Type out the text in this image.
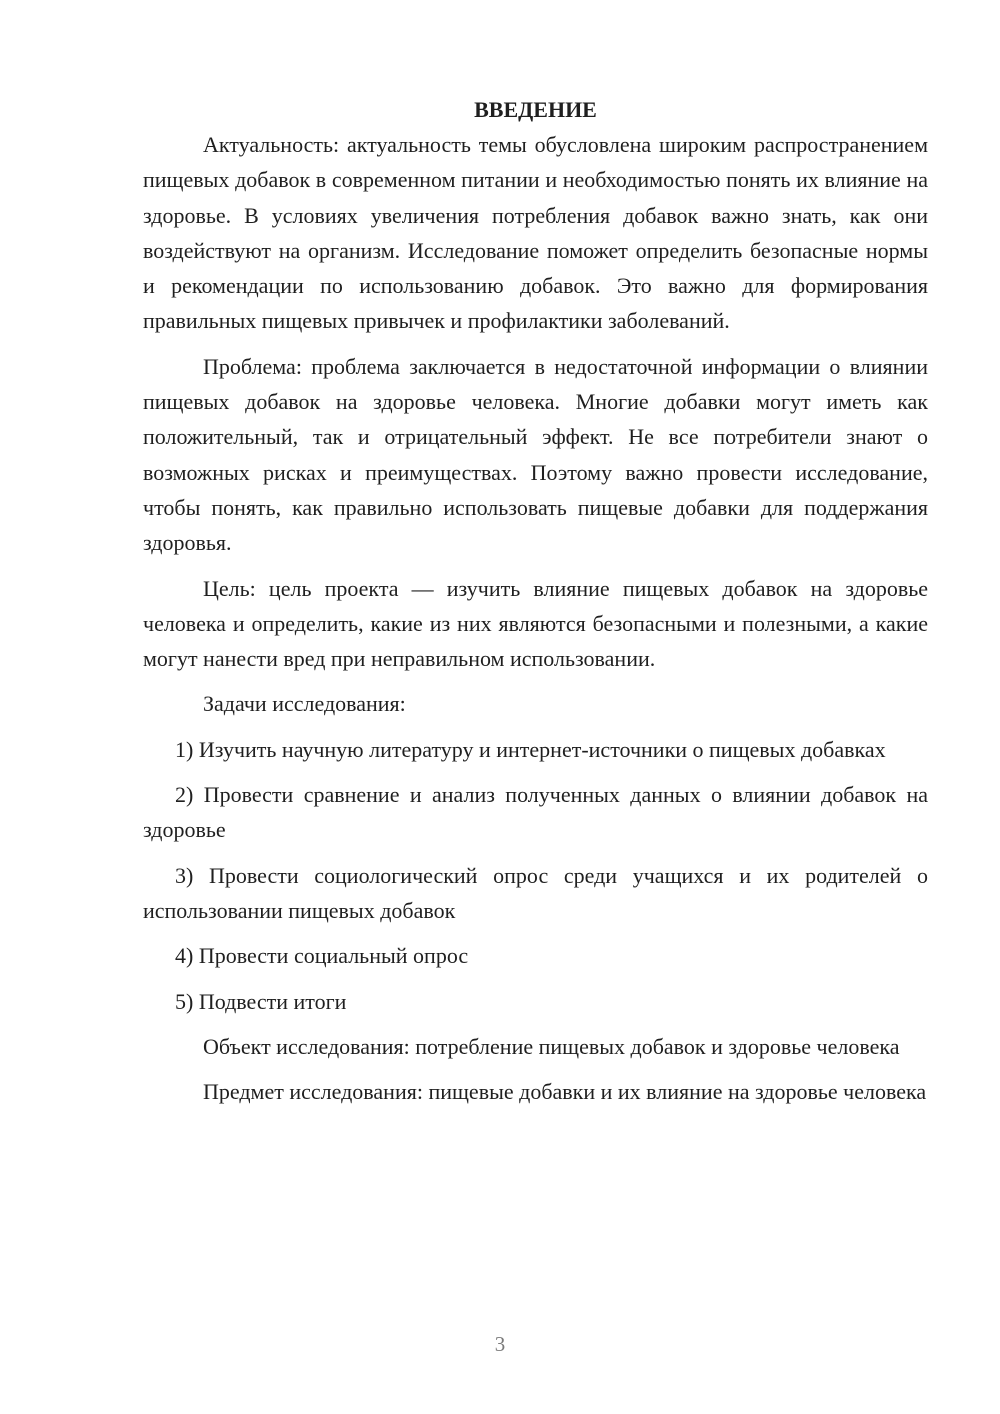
ВВЕДЕНИЕ

Актуальность: актуальность темы обусловлена широким распространением пищевых добавок в современном питании и необходимостью понять их влияние на здоровье. В условиях увеличения потребления добавок важно знать, как они воздействуют на организм. Исследование поможет определить безопасные нормы и рекомендации по использованию добавок. Это важно для формирования правильных пищевых привычек и профилактики заболеваний.

Проблема: проблема заключается в недостаточной информации о влиянии пищевых добавок на здоровье человека. Многие добавки могут иметь как положительный, так и отрицательный эффект. Не все потребители знают о возможных рисках и преимуществах. Поэтому важно провести исследование, чтобы понять, как правильно использовать пищевые добавки для поддержания здоровья.

Цель: цель проекта — изучить влияние пищевых добавок на здоровье человека и определить, какие из них являются безопасными и полезными, а какие могут нанести вред при неправильном использовании.

Задачи исследования:

1) Изучить научную литературу и интернет-источники о пищевых добавках

2) Провести сравнение и анализ полученных данных о влиянии добавок на здоровье

3) Провести социологический опрос среди учащихся и их родителей о использовании пищевых добавок

4) Провести социальный опрос

5) Подвести итоги

Объект исследования: потребление пищевых добавок и здоровье человека

Предмет исследования: пищевые добавки и их влияние на здоровье человека

3
